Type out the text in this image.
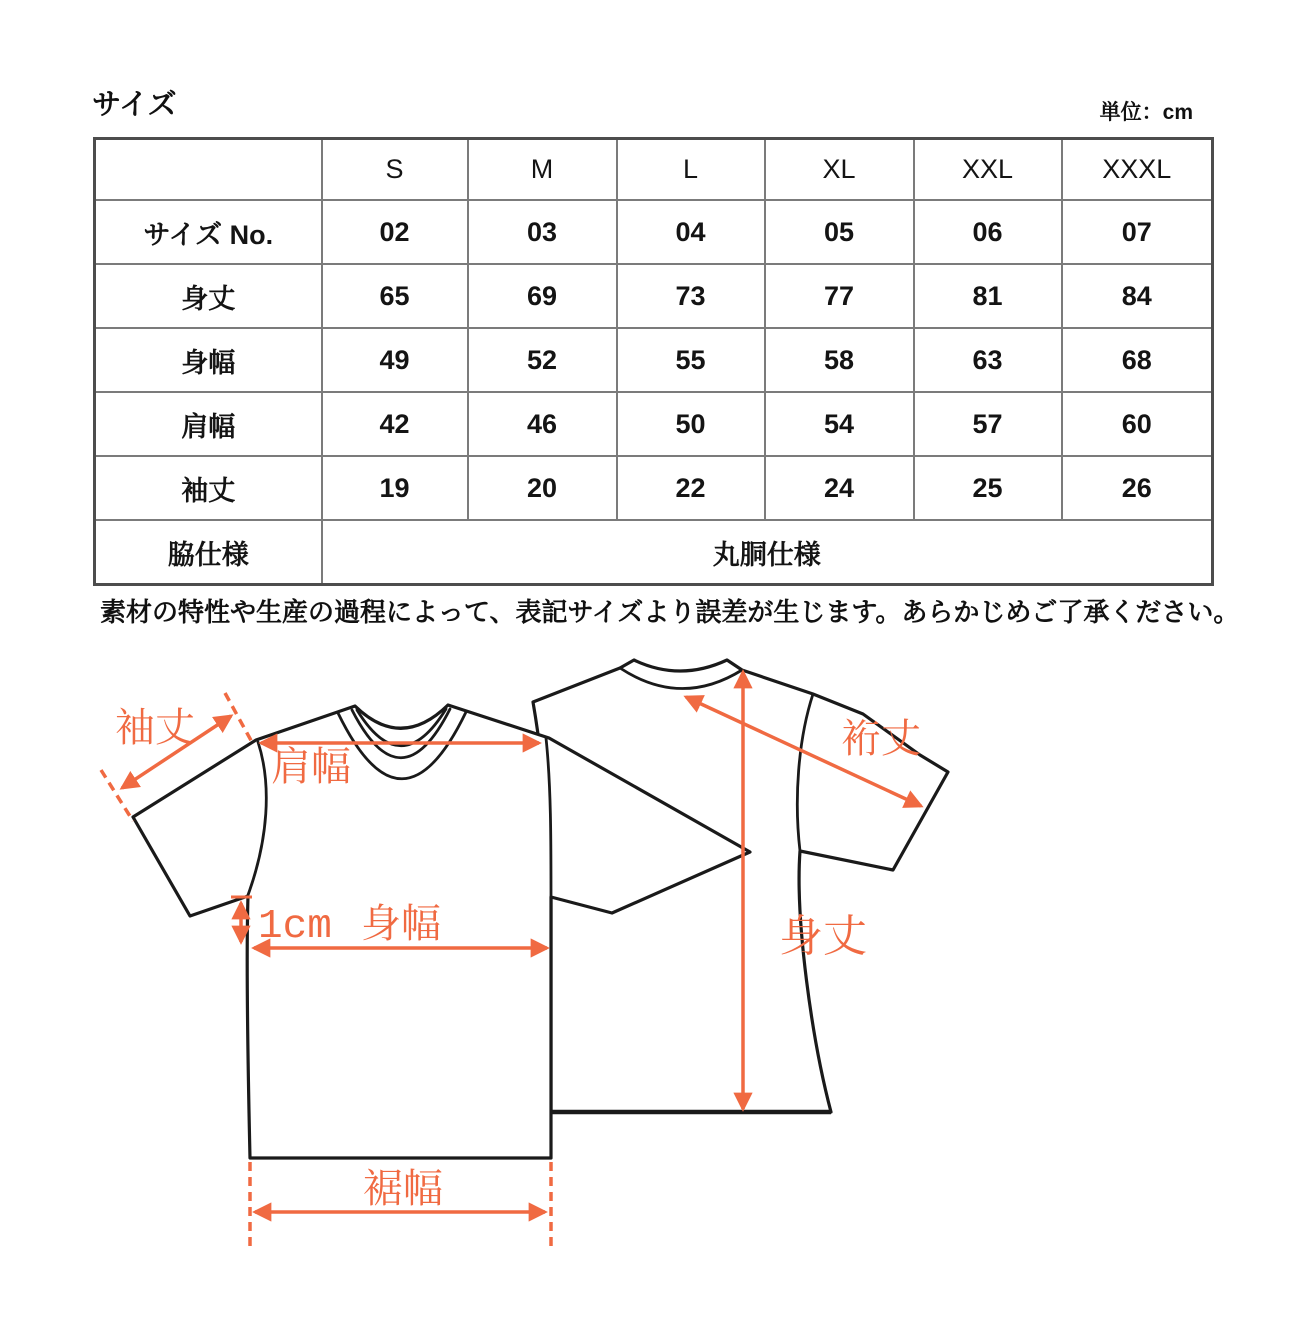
サイズ	単位：cm
	S	M	L	XL	XXL	XXXL
サイズ No.	02	03	04	05	06	07
身丈	65	69	73	77	81	84
身幅	49	52	55	58	63	68
肩幅	42	46	50	54	57	60
袖丈	19	20	22	24	25	26
脇仕様	丸胴仕様					
素材の特性や生産の過程によって、表記サイズより誤差が生じます。あらかじめご了承ください。
袖丈
肩幅
裄丈
身丈
1cm 身幅
裾幅
